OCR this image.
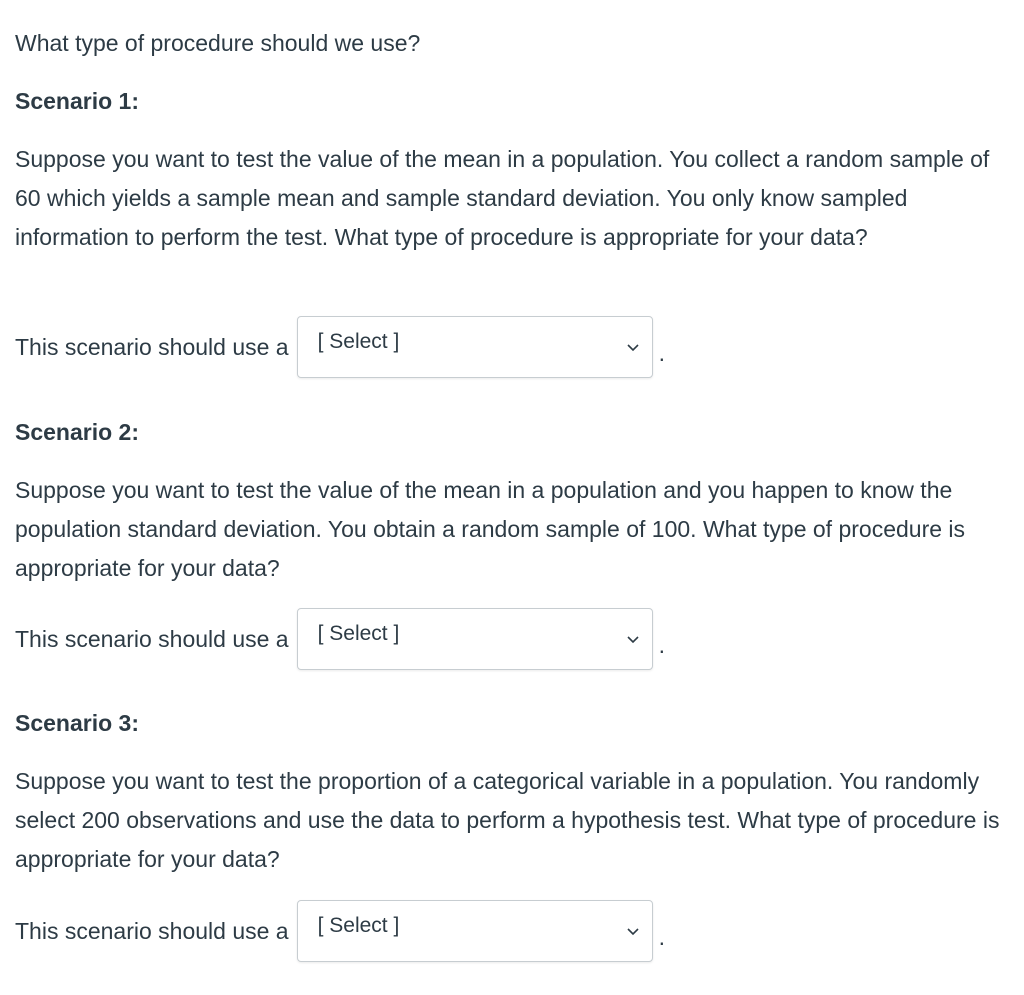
What type of procedure should we use?

Scenario 1:

Suppose you want to test the value of the mean in a population. You collect a random sample of 60 which yields a sample mean and sample standard deviation. You only know sampled information to perform the test. What type of procedure is appropriate for your data?

This scenario should use a [ Select ]	.

Scenario 2:

Suppose you want to test the value of the mean in a population and you happen to know the population standard deviation. You obtain a random sample of 100. What type of procedure is appropriate for your data?

This scenario should use a [ Select ]	.

Scenario 3:

Suppose you want to test the proportion of a categorical variable in a population. You randomly select 200 observations and use the data to perform a hypothesis test. What type of procedure is appropriate for your data?

This scenario should use a [ Select ]	.
